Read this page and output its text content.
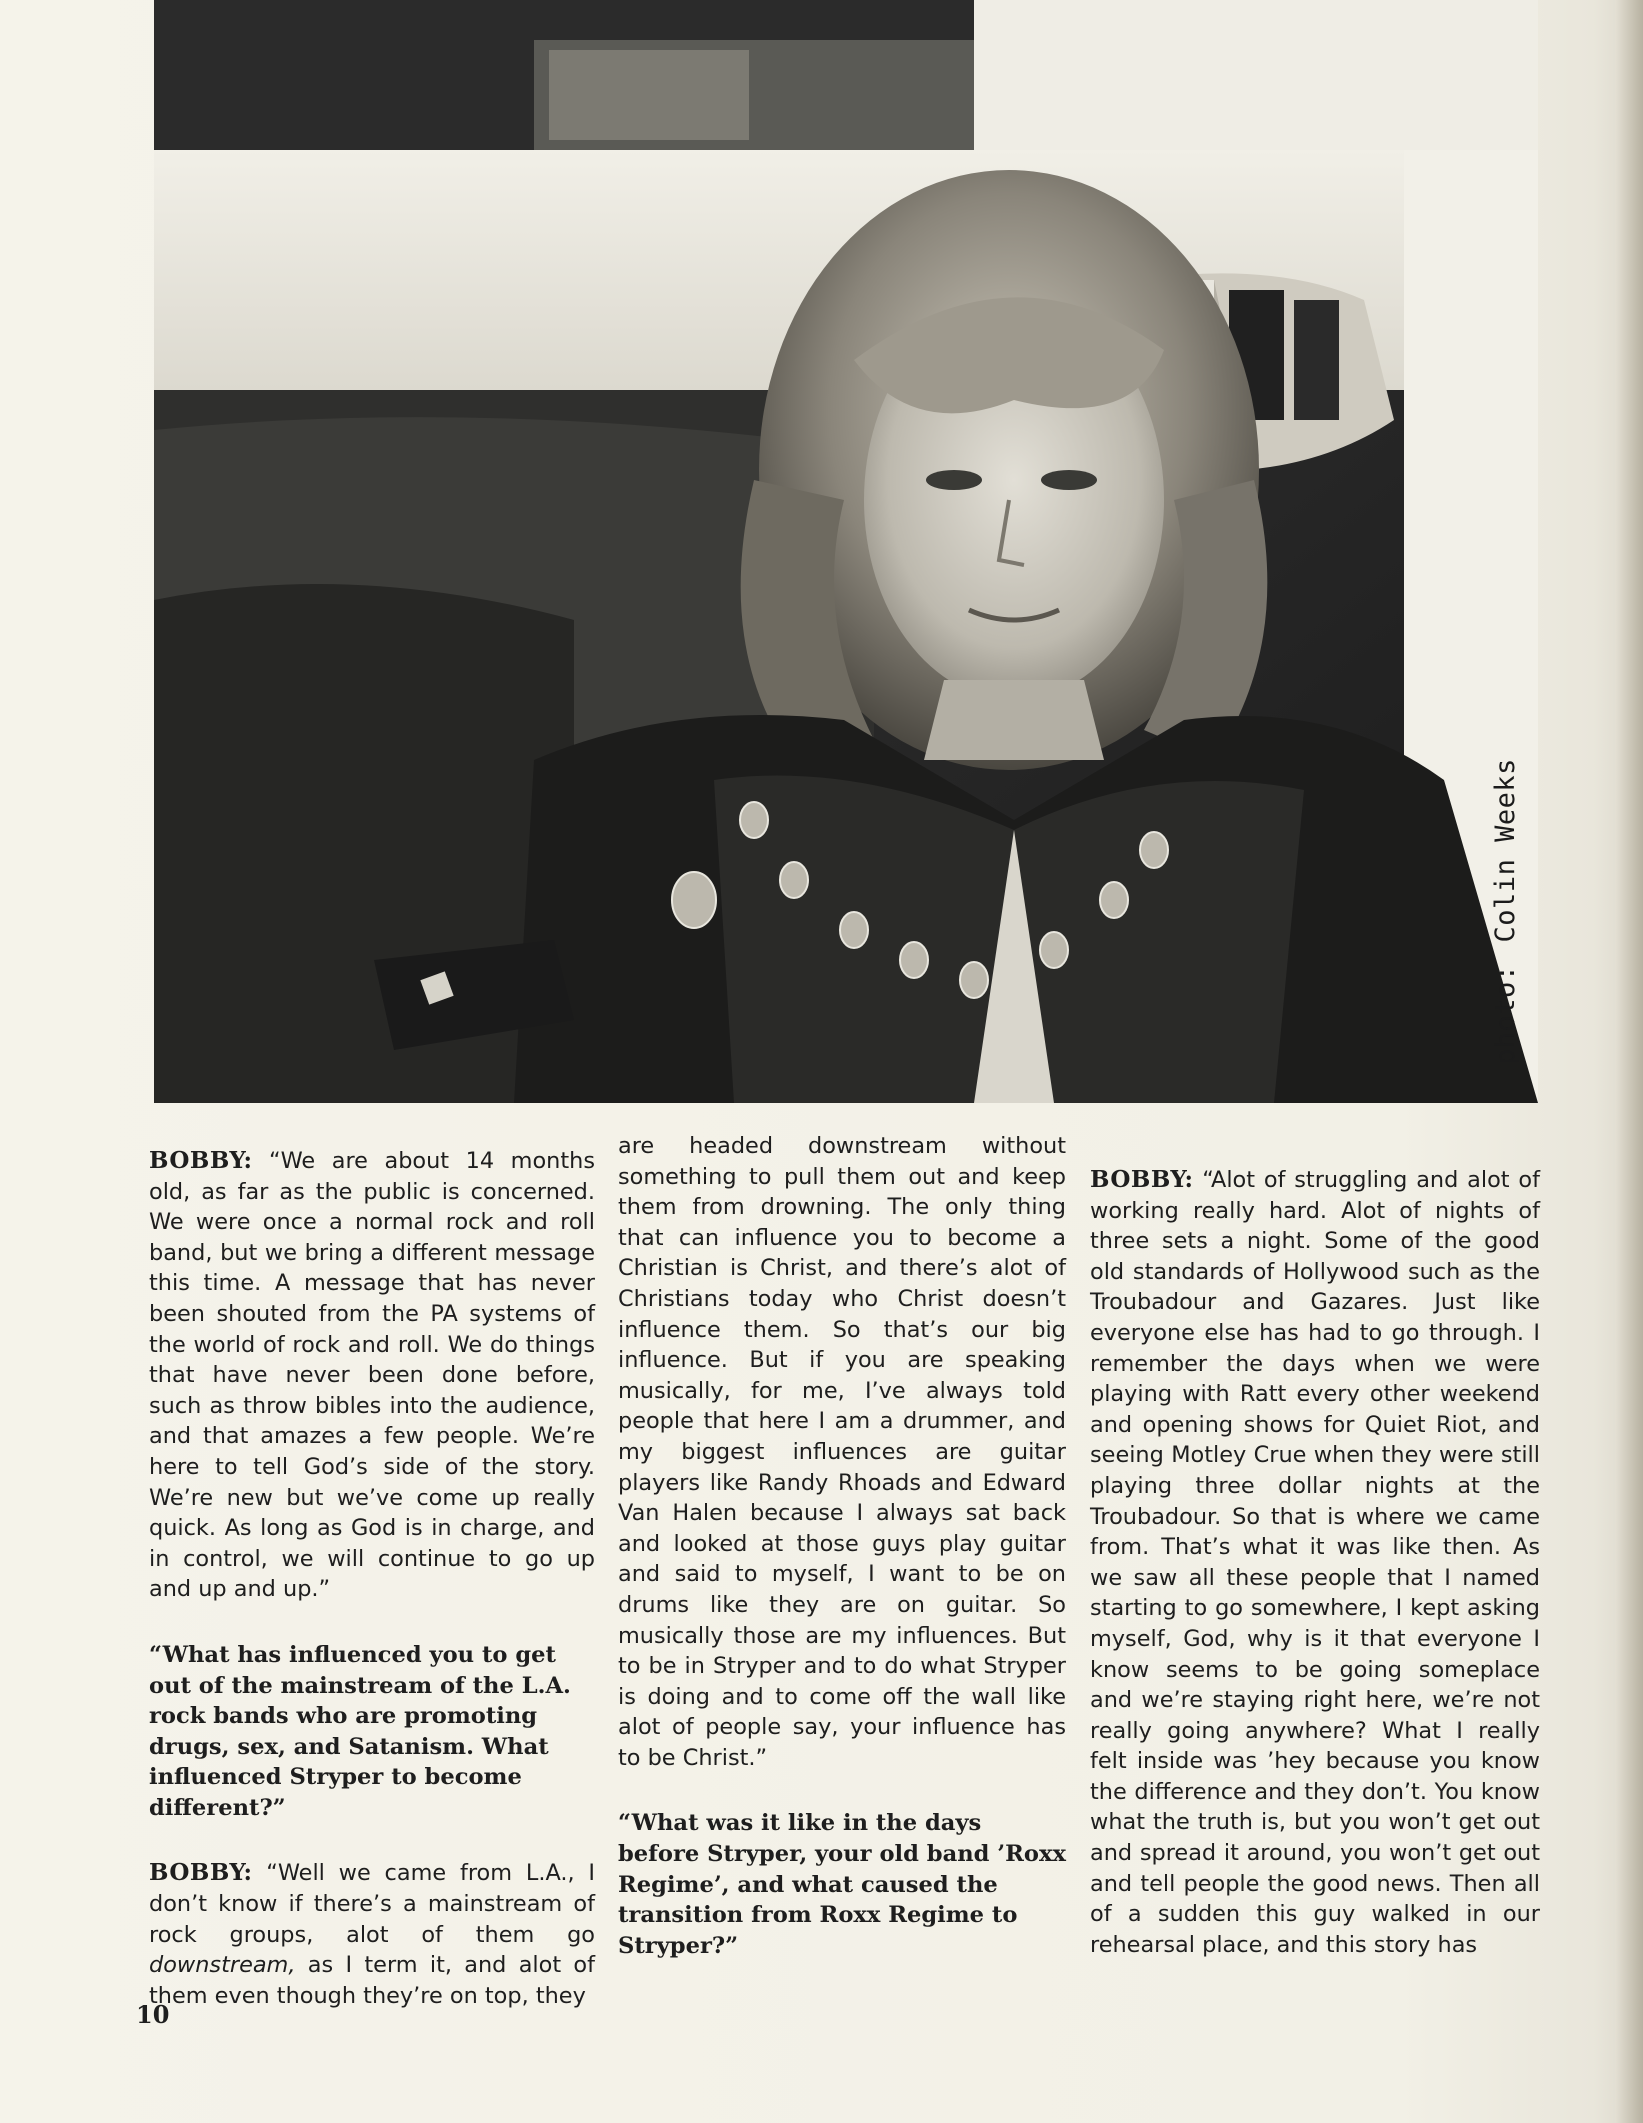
photo:Colin Weeks

BOBBY: “We are about 14 months old, as far as the public is concerned. We were once a normal rock and roll band, but we bring a different message this time. A message that has never been shouted from the PA systems of the world of rock and roll. We do things that have never been done before, such as throw bibles into the audience, and that amazes a few people. We’re here to tell God’s side of the story. We’re new but we’ve come up really quick. As long as God is in charge, and in control, we will continue to go up and up and up.”

“What has influenced you to get out of the mainstream of the L.A. rock bands who are promoting drugs, sex, and Satanism. What influenced Stryper to become different?”

BOBBY: “Well we came from L.A., I don’t know if there’s a mainstream of rock groups, alot of them go downstream, as I term it, and alot of them even though they’re on top, they

are headed downstream without something to pull them out and keep them from drowning. The only thing that can influence you to become a Christian is Christ, and there’s alot of Christians today who Christ doesn’t influence them. So that’s our big influence. But if you are speaking musically, for me, I’ve always told people that here I am a drummer, and my biggest influences are guitar players like Randy Rhoads and Edward Van Halen because I always sat back and looked at those guys play guitar and said to myself, I want to be on drums like they are on guitar. So musically those are my influences. But to be in Stryper and to do what Stryper is doing and to come off the wall like alot of people say, your influence has to be Christ.”

“What was it like in the days before Stryper, your old band ’Roxx Regime’, and what caused the transition from Roxx Regime to Stryper?”

BOBBY: “Alot of struggling and alot of working really hard. Alot of nights of three sets a night. Some of the good old standards of Hollywood such as the Troubadour and Gazares. Just like everyone else has had to go through. I remember the days when we were playing with Ratt every other weekend and opening shows for Quiet Riot, and seeing Motley Crue when they were still playing three dollar nights at the Troubadour. So that is where we came from. That’s what it was like then. As we saw all these people that I named starting to go somewhere, I kept asking myself, God, why is it that everyone I know seems to be going someplace and we’re staying right here, we’re not really going anywhere? What I really felt inside was ’hey because you know the difference and they don’t. You know what the truth is, but you won’t get out and spread it around, you won’t get out and tell people the good news. Then all of a sudden this guy walked in our rehearsal place, and this story has

10
